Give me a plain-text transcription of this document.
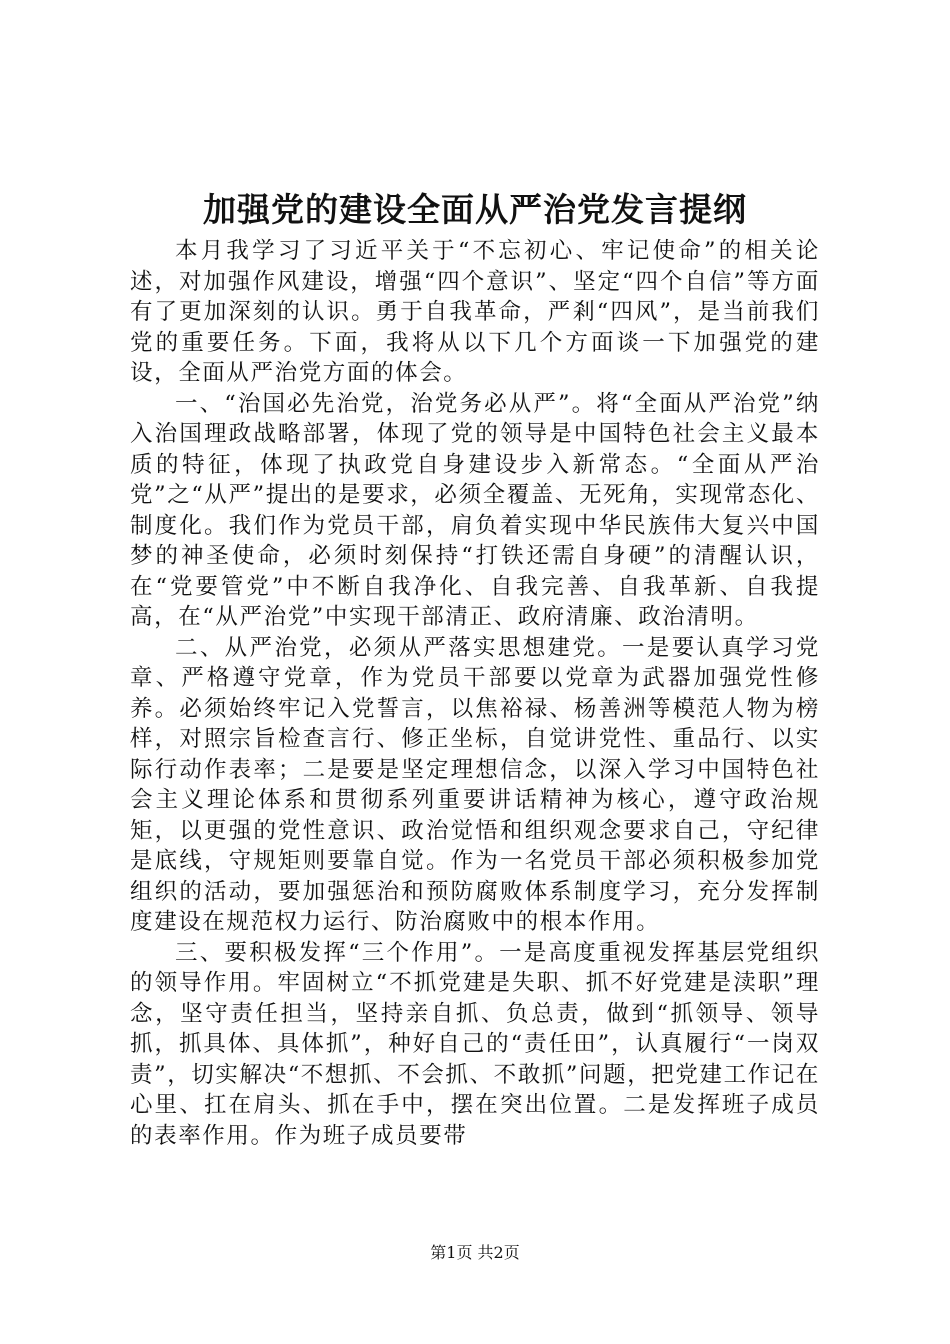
加强党的建设全面从严治党发言提纲

本月我学习了习近平关于“不忘初心、牢记使命”的相关论述，对加强作风建设，增强“四个意识”、坚定“四个自信”等方面有了更加深刻的认识。勇于自我革命，严剎“四风”，是当前我们党的重要任务。下面，我将从以下几个方面谈一下加强党的建设，全面从严治党方面的体会。

一、“治国必先治党，治党务必从严”。将“全面从严治党”纳入治国理政战略部署，体现了党的领导是中国特色社会主义最本质的特征，体现了执政党自身建设步入新常态。“全面从严治党”之“从严”提出的是要求，必须全覆盖、无死角，实现常态化、制度化。我们作为党员干部，肩负着实现中华民族伟大复兴中国梦的神圣使命，必须时刻保持“打铁还需自身硬”的清醒认识，在“党要管党”中不断自我净化、自我完善、自我革新、自我提高，在“从严治党”中实现干部清正、政府清廉、政治清明。

二、从严治党，必须从严落实思想建党。一是要认真学习党章、严格遵守党章，作为党员干部要以党章为武器加强党性修养。必须始终牢记入党誓言，以焦裕禄、杨善洲等模范人物为榜样，对照宗旨检查言行、修正坐标，自觉讲党性、重品行、以实际行动作表率；二是要是坚定理想信念，以深入学习中国特色社会主义理论体系和贯彻系列重要讲话精神为核心，遵守政治规矩，以更强的党性意识、政治觉悟和组织观念要求自己，守纪律是底线，守规矩则要靠自觉。作为一名党员干部必须积极参加党组织的活动，要加强惩治和预防腐败体系制度学习，充分发挥制度建设在规范权力运行、防治腐败中的根本作用。

三、要积极发挥“三个作用”。一是高度重视发挥基层党组织的领导作用。牢固树立“不抓党建是失职、抓不好党建是渎职”理念，坚守责任担当，坚持亲自抓、负总责，做到“抓领导、领导抓，抓具体、具体抓”，种好自己的“责任田”，认真履行“一岗双责”，切实解决“不想抓、不会抓、不敢抓”问题，把党建工作记在心里、扛在肩头、抓在手中，摆在突出位置。二是发挥班子成员的表率作用。作为班子成员要带

第1页 共2页
